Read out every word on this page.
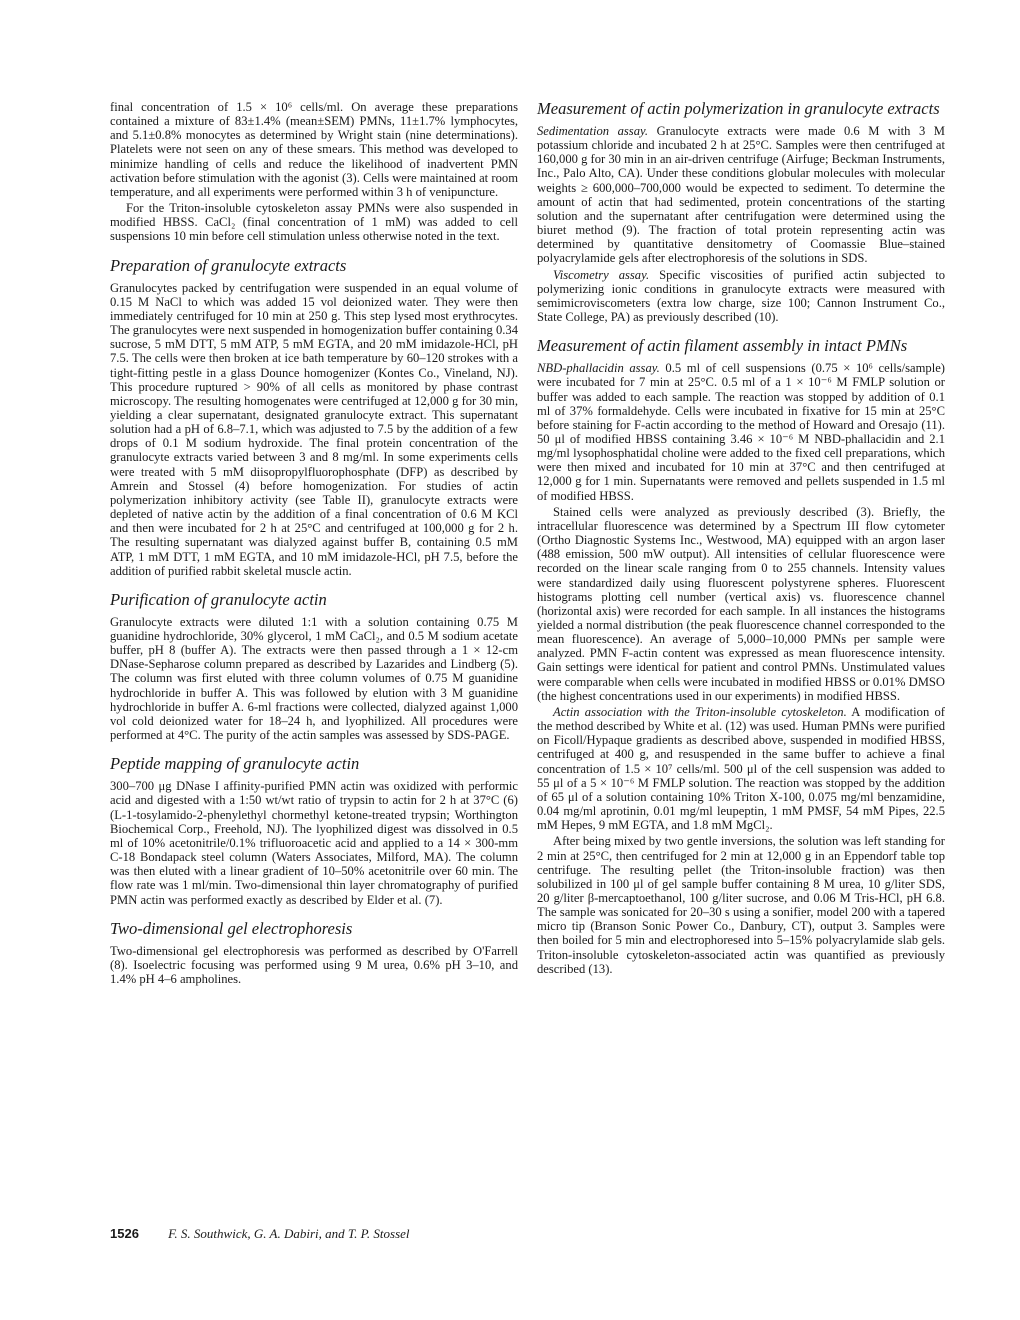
final concentration of 1.5 × 10⁶ cells/ml. On average these preparations contained a mixture of 83±1.4% (mean±SEM) PMNs, 11±1.7% lymphocytes, and 5.1±0.8% monocytes as determined by Wright stain (nine determinations). Platelets were not seen on any of these smears. This method was developed to minimize handling of cells and reduce the likelihood of inadvertent PMN activation before stimulation with the agonist (3). Cells were maintained at room temperature, and all experiments were performed within 3 h of venipuncture.

For the Triton-insoluble cytoskeleton assay PMNs were also suspended in modified HBSS. CaCl₂ (final concentration of 1 mM) was added to cell suspensions 10 min before cell stimulation unless otherwise noted in the text.

Preparation of granulocyte extracts

Granulocytes packed by centrifugation were suspended in an equal volume of 0.15 M NaCl to which was added 15 vol deionized water. They were then immediately centrifuged for 10 min at 250 g. This step lysed most erythrocytes. The granulocytes were next suspended in homogenization buffer containing 0.34 sucrose, 5 mM DTT, 5 mM ATP, 5 mM EGTA, and 20 mM imidazole-HCl, pH 7.5. The cells were then broken at ice bath temperature by 60–120 strokes with a tight-fitting pestle in a glass Dounce homogenizer (Kontes Co., Vineland, NJ). This procedure ruptured > 90% of all cells as monitored by phase contrast microscopy. The resulting homogenates were centrifuged at 12,000 g for 30 min, yielding a clear supernatant, designated granulocyte extract. This supernatant solution had a pH of 6.8–7.1, which was adjusted to 7.5 by the addition of a few drops of 0.1 M sodium hydroxide. The final protein concentration of the granulocyte extracts varied between 3 and 8 mg/ml. In some experiments cells were treated with 5 mM diisopropylfluorophosphate (DFP) as described by Amrein and Stossel (4) before homogenization. For studies of actin polymerization inhibitory activity (see Table II), granulocyte extracts were depleted of native actin by the addition of a final concentration of 0.6 M KCl and then were incubated for 2 h at 25°C and centrifuged at 100,000 g for 2 h. The resulting supernatant was dialyzed against buffer B, containing 0.5 mM ATP, 1 mM DTT, 1 mM EGTA, and 10 mM imidazole-HCl, pH 7.5, before the addition of purified rabbit skeletal muscle actin.

Purification of granulocyte actin

Granulocyte extracts were diluted 1:1 with a solution containing 0.75 M guanidine hydrochloride, 30% glycerol, 1 mM CaCl₂, and 0.5 M sodium acetate buffer, pH 8 (buffer A). The extracts were then passed through a 1 × 12-cm DNase-Sepharose column prepared as described by Lazarides and Lindberg (5). The column was first eluted with three column volumes of 0.75 M guanidine hydrochloride in buffer A. This was followed by elution with 3 M guanidine hydrochloride in buffer A. 6-ml fractions were collected, dialyzed against 1,000 vol cold deionized water for 18–24 h, and lyophilized. All procedures were performed at 4°C. The purity of the actin samples was assessed by SDS-PAGE.

Peptide mapping of granulocyte actin

300–700 μg DNase I affinity-purified PMN actin was oxidized with performic acid and digested with a 1:50 wt/wt ratio of trypsin to actin for 2 h at 37°C (6) (L-1-tosylamido-2-phenylethyl chormethyl ketone-treated trypsin; Worthington Biochemical Corp., Freehold, NJ). The lyophilized digest was dissolved in 0.5 ml of 10% acetonitrile/0.1% trifluoroacetic acid and applied to a 14 × 300-mm C-18 Bondapack steel column (Waters Associates, Milford, MA). The column was then eluted with a linear gradient of 10–50% acetonitrile over 60 min. The flow rate was 1 ml/min. Two-dimensional thin layer chromatography of purified PMN actin was performed exactly as described by Elder et al. (7).

Two-dimensional gel electrophoresis

Two-dimensional gel electrophoresis was performed as described by O'Farrell (8). Isoelectric focusing was performed using 9 M urea, 0.6% pH 3–10, and 1.4% pH 4–6 ampholines.

Measurement of actin polymerization in granulocyte extracts

Sedimentation assay. Granulocyte extracts were made 0.6 M with 3 M potassium chloride and incubated 2 h at 25°C. Samples were then centrifuged at 160,000 g for 30 min in an air-driven centrifuge (Airfuge; Beckman Instruments, Inc., Palo Alto, CA). Under these conditions globular molecules with molecular weights ≥ 600,000–700,000 would be expected to sediment. To determine the amount of actin that had sedimented, protein concentrations of the starting solution and the supernatant after centrifugation were determined using the biuret method (9). The fraction of total protein representing actin was determined by quantitative densitometry of Coomassie Blue–stained polyacrylamide gels after electrophoresis of the solutions in SDS.

Viscometry assay. Specific viscosities of purified actin subjected to polymerizing ionic conditions in granulocyte extracts were measured with semimicroviscometers (extra low charge, size 100; Cannon Instrument Co., State College, PA) as previously described (10).

Measurement of actin filament assembly in intact PMNs

NBD-phallacidin assay. 0.5 ml of cell suspensions (0.75 × 10⁶ cells/sample) were incubated for 7 min at 25°C. 0.5 ml of a 1 × 10⁻⁶ M FMLP solution or buffer was added to each sample. The reaction was stopped by addition of 0.1 ml of 37% formaldehyde. Cells were incubated in fixative for 15 min at 25°C before staining for F-actin according to the method of Howard and Oresajo (11). 50 μl of modified HBSS containing 3.46 × 10⁻⁶ M NBD-phallacidin and 2.1 mg/ml lysophosphatidal choline were added to the fixed cell preparations, which were then mixed and incubated for 10 min at 37°C and then centrifuged at 12,000 g for 1 min. Supernatants were removed and pellets suspended in 1.5 ml of modified HBSS.

Stained cells were analyzed as previously described (3). Briefly, the intracellular fluorescence was determined by a Spectrum III flow cytometer (Ortho Diagnostic Systems Inc., Westwood, MA) equipped with an argon laser (488 emission, 500 mW output). All intensities of cellular fluorescence were recorded on the linear scale ranging from 0 to 255 channels. Intensity values were standardized daily using fluorescent polystyrene spheres. Fluorescent histograms plotting cell number (vertical axis) vs. fluorescence channel (horizontal axis) were recorded for each sample. In all instances the histograms yielded a normal distribution (the peak fluorescence channel corresponded to the mean fluorescence). An average of 5,000–10,000 PMNs per sample were analyzed. PMN F-actin content was expressed as mean fluorescence intensity. Gain settings were identical for patient and control PMNs. Unstimulated values were comparable when cells were incubated in modified HBSS or 0.01% DMSO (the highest concentrations used in our experiments) in modified HBSS.

Actin association with the Triton-insoluble cytoskeleton. A modification of the method described by White et al. (12) was used. Human PMNs were purified on Ficoll/Hypaque gradients as described above, suspended in modified HBSS, centrifuged at 400 g, and resuspended in the same buffer to achieve a final concentration of 1.5 × 10⁷ cells/ml. 500 μl of the cell suspension was added to 55 μl of a 5 × 10⁻⁶ M FMLP solution. The reaction was stopped by the addition of 65 μl of a solution containing 10% Triton X-100, 0.075 mg/ml benzamidine, 0.04 mg/ml aprotinin, 0.01 mg/ml leupeptin, 1 mM PMSF, 54 mM Pipes, 22.5 mM Hepes, 9 mM EGTA, and 1.8 mM MgCl₂.

After being mixed by two gentle inversions, the solution was left standing for 2 min at 25°C, then centrifuged for 2 min at 12,000 g in an Eppendorf table top centrifuge. The resulting pellet (the Triton-insoluble fraction) was then solubilized in 100 μl of gel sample buffer containing 8 M urea, 10 g/liter SDS, 20 g/liter β-mercaptoethanol, 100 g/liter sucrose, and 0.06 M Tris-HCl, pH 6.8. The sample was sonicated for 20–30 s using a sonifier, model 200 with a tapered micro tip (Branson Sonic Power Co., Danbury, CT), output 3. Samples were then boiled for 5 min and electrophoresed into 5–15% polyacrylamide slab gels. Triton-insoluble cytoskeleton-associated actin was quantified as previously described (13).

1526 F. S. Southwick, G. A. Dabiri, and T. P. Stossel
